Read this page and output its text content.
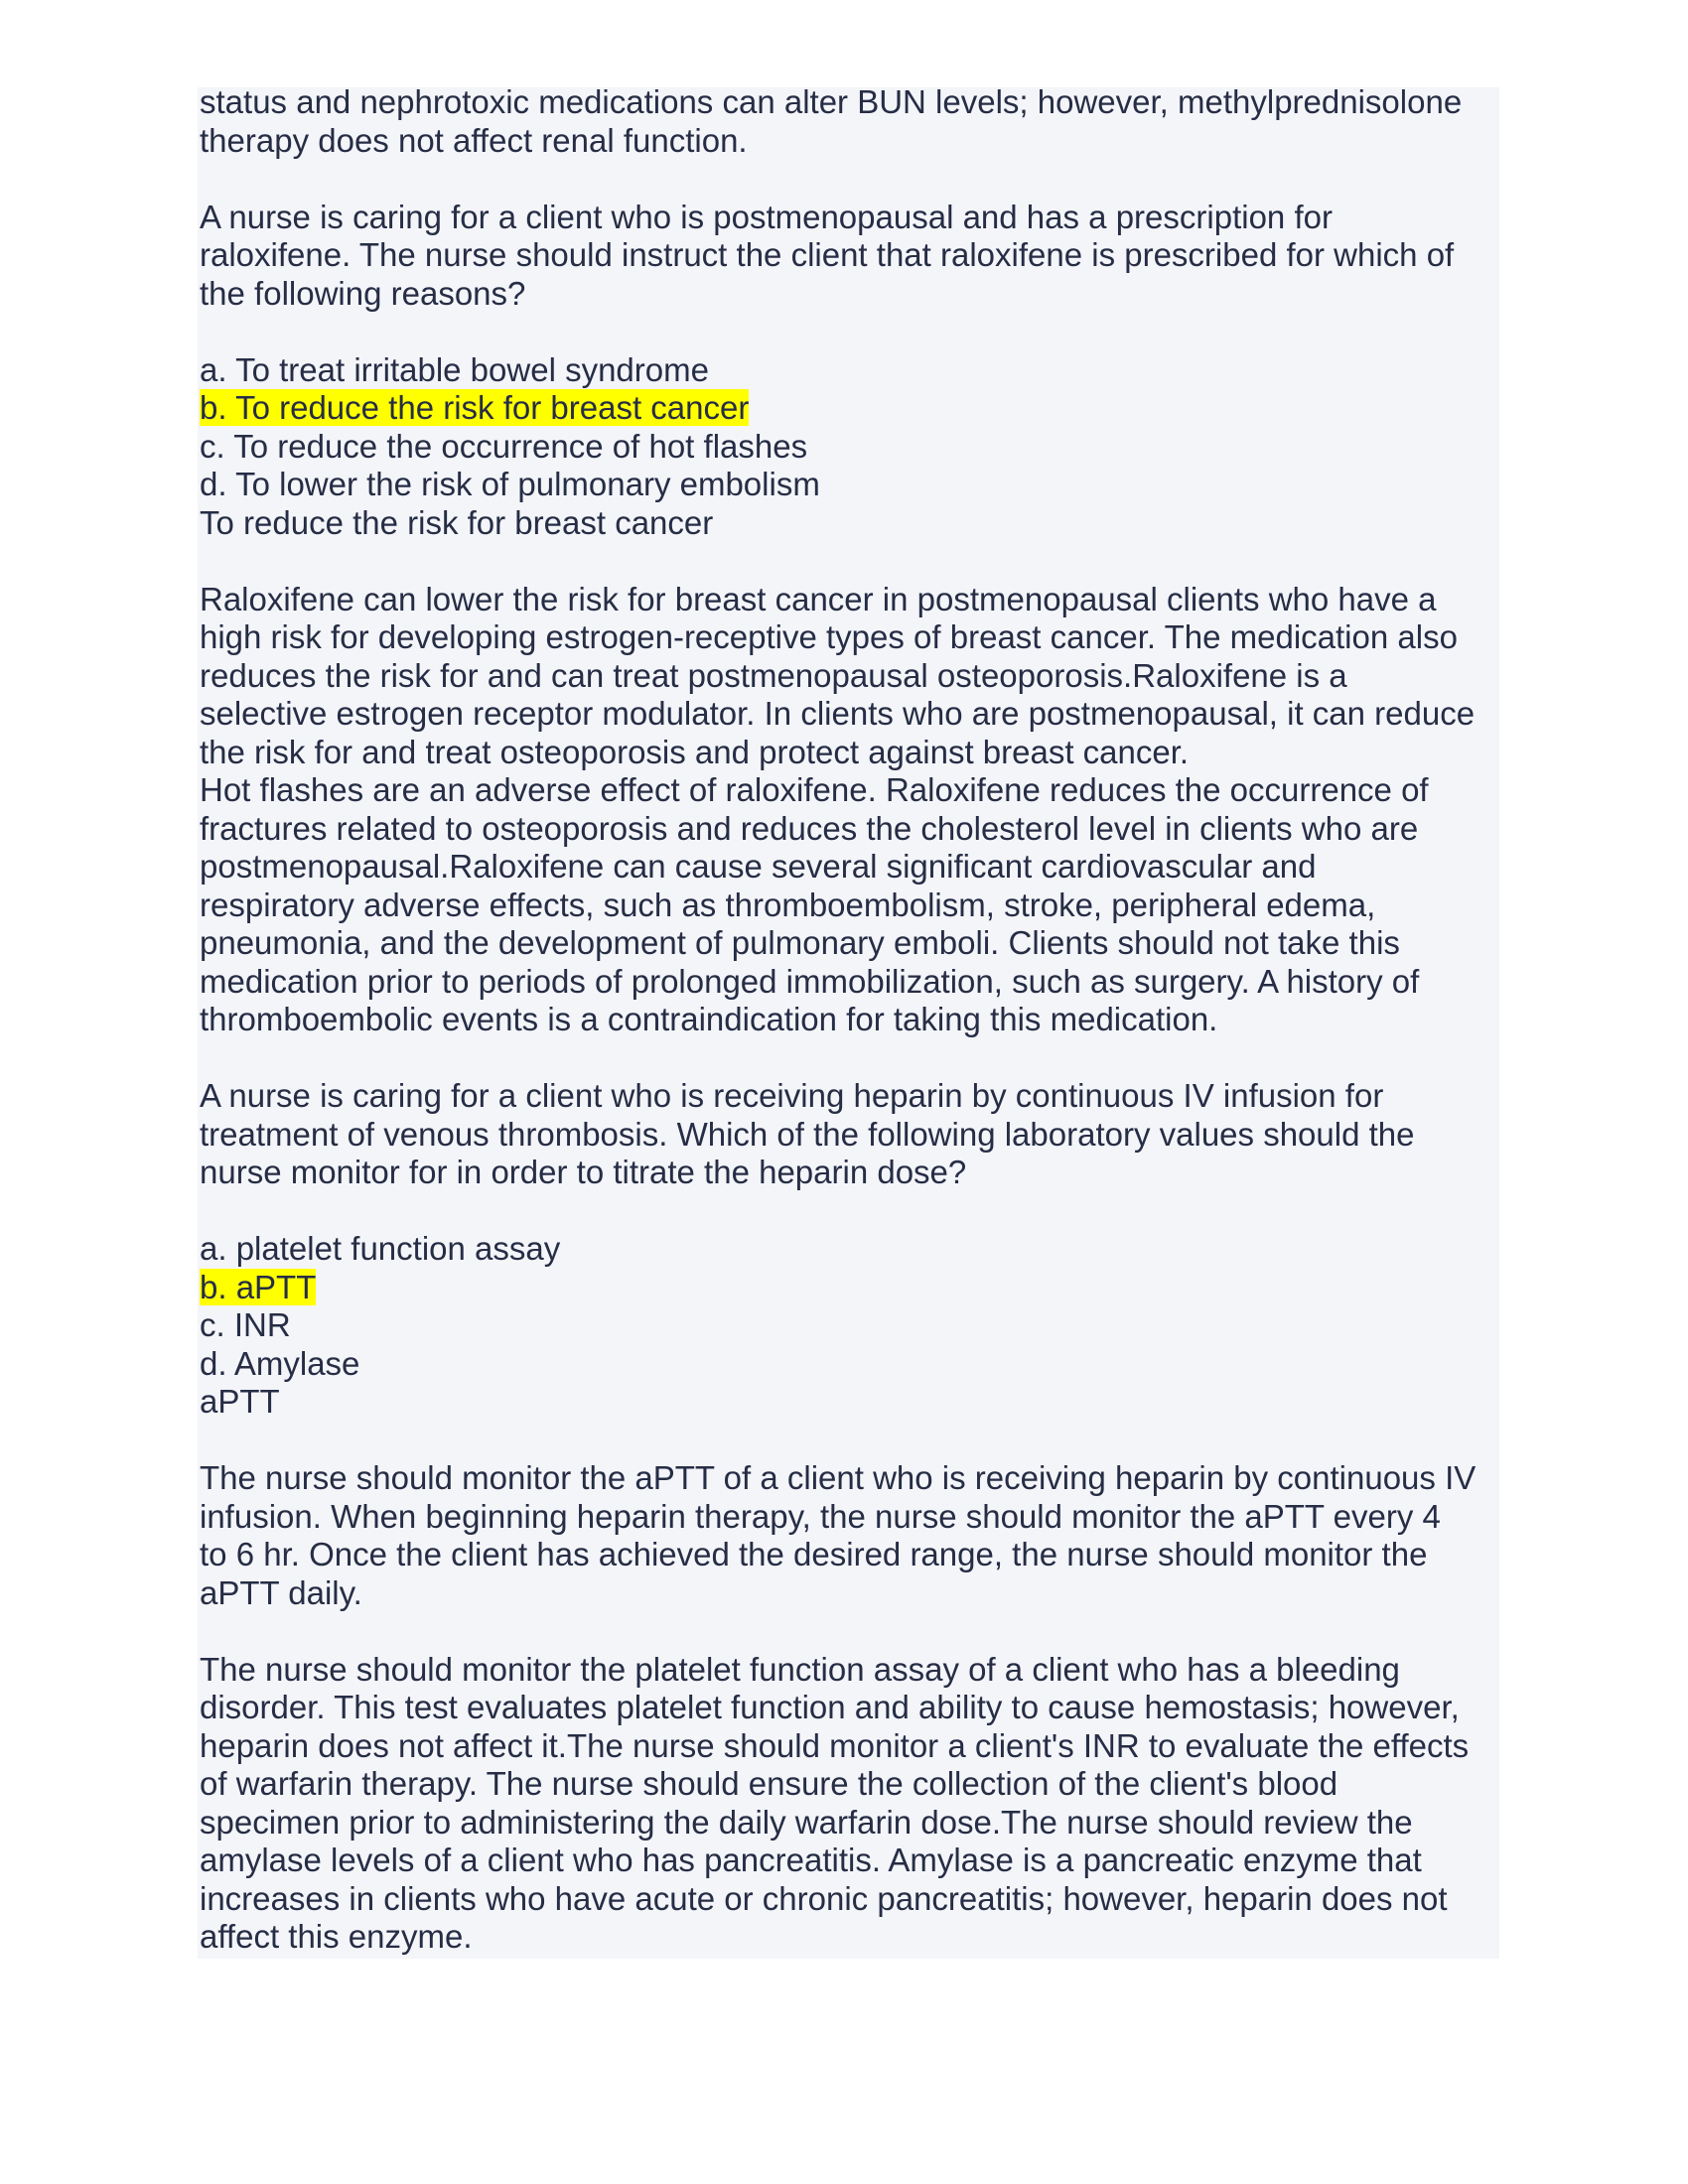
status and nephrotoxic medications can alter BUN levels; however, methylprednisolone

therapy does not affect renal function.

A nurse is caring for a client who is postmenopausal and has a prescription for

raloxifene. The nurse should instruct the client that raloxifene is prescribed for which of

the following reasons?

a. To treat irritable bowel syndrome

b. To reduce the risk for breast cancer

c. To reduce the occurrence of hot flashes

d. To lower the risk of pulmonary embolism

To reduce the risk for breast cancer

Raloxifene can lower the risk for breast cancer in postmenopausal clients who have a

high risk for developing estrogen-receptive types of breast cancer. The medication also

reduces the risk for and can treat postmenopausal osteoporosis.Raloxifene is a

selective estrogen receptor modulator. In clients who are postmenopausal, it can reduce

the risk for and treat osteoporosis and protect against breast cancer.

Hot flashes are an adverse effect of raloxifene. Raloxifene reduces the occurrence of

fractures related to osteoporosis and reduces the cholesterol level in clients who are

postmenopausal.Raloxifene can cause several significant cardiovascular and

respiratory adverse effects, such as thromboembolism, stroke, peripheral edema,

pneumonia, and the development of pulmonary emboli. Clients should not take this

medication prior to periods of prolonged immobilization, such as surgery. A history of

thromboembolic events is a contraindication for taking this medication.

A nurse is caring for a client who is receiving heparin by continuous IV infusion for

treatment of venous thrombosis. Which of the following laboratory values should the

nurse monitor for in order to titrate the heparin dose?

a. platelet function assay

b. aPTT

c. INR

d. Amylase

aPTT

The nurse should monitor the aPTT of a client who is receiving heparin by continuous IV

infusion. When beginning heparin therapy, the nurse should monitor the aPTT every 4

to 6 hr. Once the client has achieved the desired range, the nurse should monitor the

aPTT daily.

The nurse should monitor the platelet function assay of a client who has a bleeding

disorder. This test evaluates platelet function and ability to cause hemostasis; however,

heparin does not affect it.The nurse should monitor a client's INR to evaluate the effects

of warfarin therapy. The nurse should ensure the collection of the client's blood

specimen prior to administering the daily warfarin dose.The nurse should review the

amylase levels of a client who has pancreatitis. Amylase is a pancreatic enzyme that

increases in clients who have acute or chronic pancreatitis; however, heparin does not

affect this enzyme.
